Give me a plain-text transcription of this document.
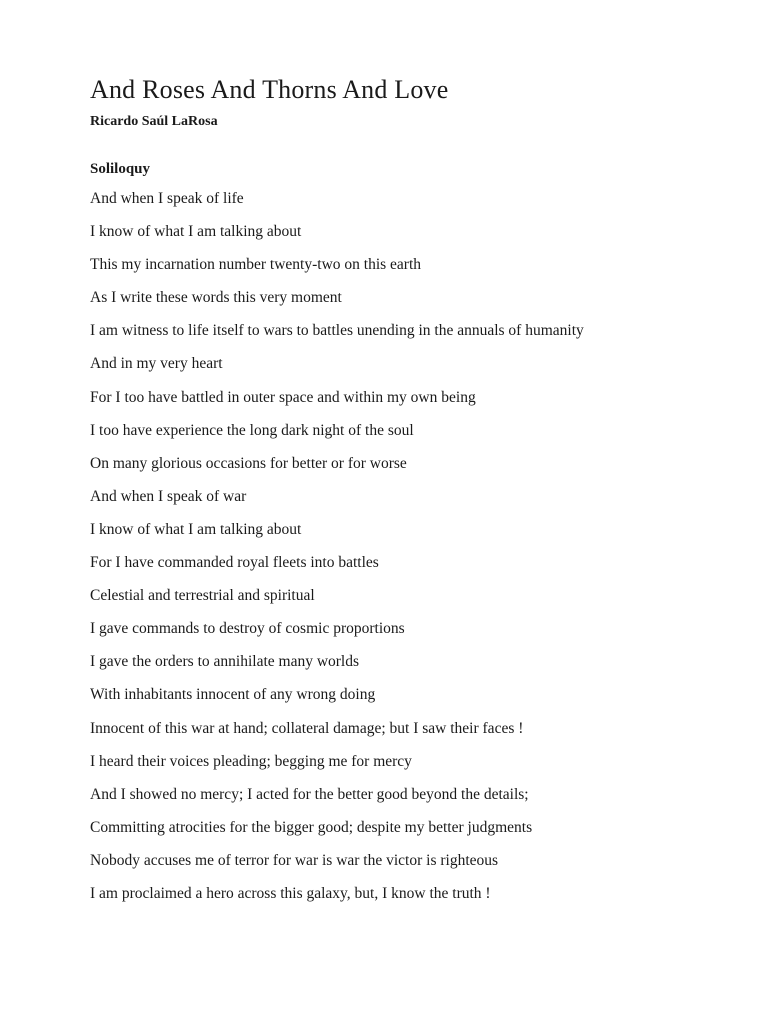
And Roses And Thorns And Love
Ricardo Saúl LaRosa
Soliloquy
And when I speak of life
I know of what I am talking about
This my incarnation number twenty-two on this earth
As I write these words this very moment
I am witness to life itself to wars to battles unending in the annuals of humanity
And in my very heart
For I too have battled in outer space and within my own being
I too have experience the long dark night of the soul
On many glorious occasions for better or for worse
And when I speak of war
I know of what I am talking about
For I have commanded royal fleets into battles
Celestial and terrestrial and spiritual
I gave commands to destroy of cosmic proportions
I gave the orders to annihilate many worlds
With inhabitants innocent of any wrong doing
Innocent of this war at hand; collateral damage; but I saw their faces !
I heard their voices pleading; begging me for mercy
And I showed no mercy; I acted for the better good beyond the details;
Committing atrocities for the bigger good; despite my better judgments
Nobody accuses me of terror for war is war the victor is righteous
I am proclaimed a hero across this galaxy, but, I know the truth !
